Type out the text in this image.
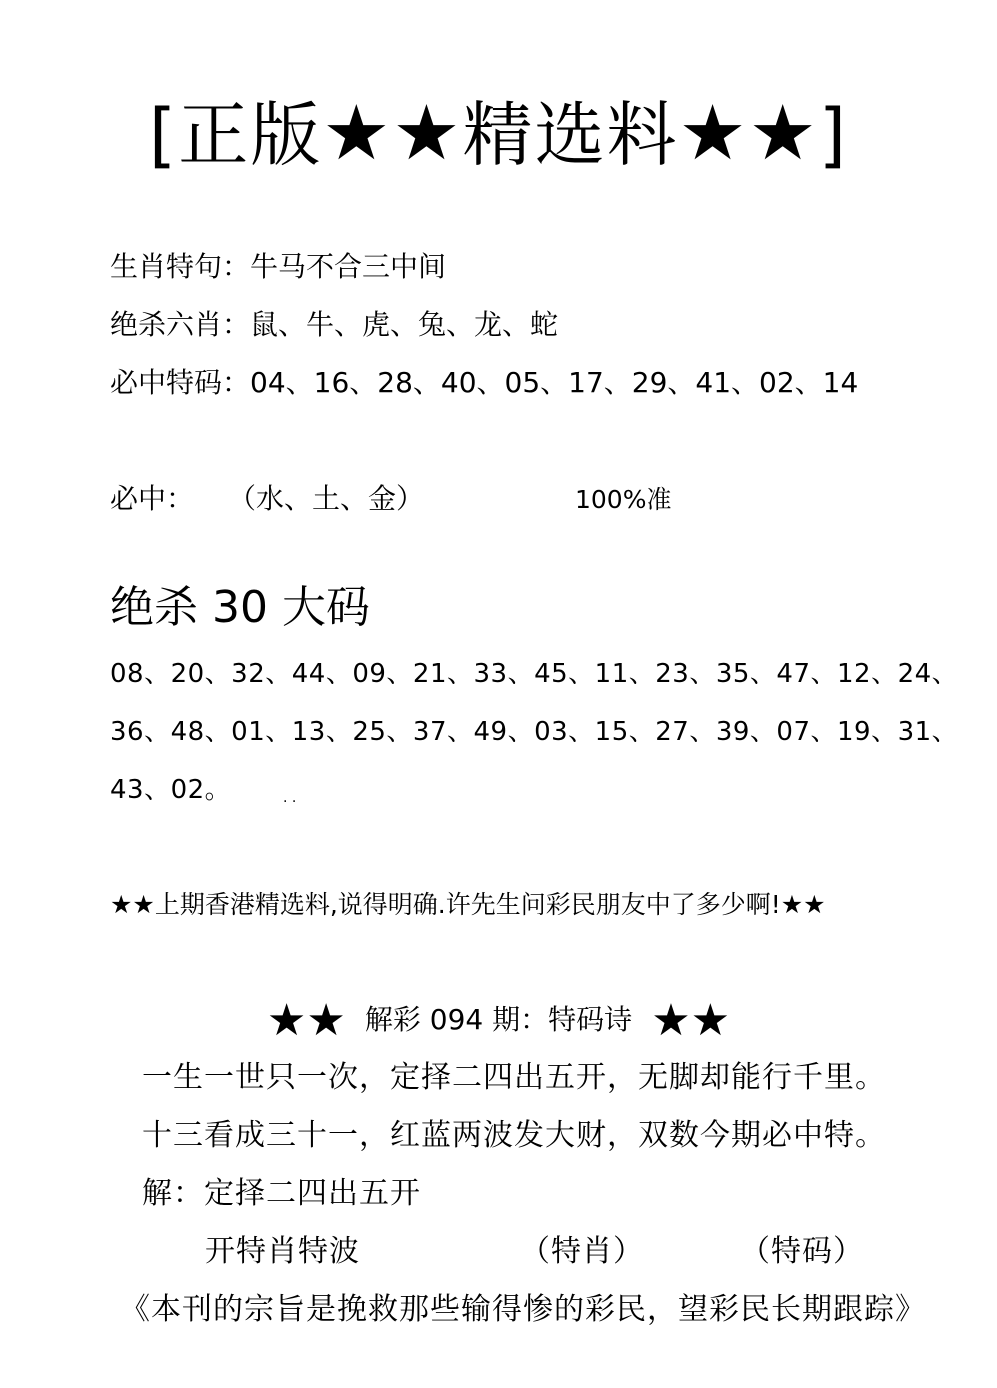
[正版★★精选料★★]
生肖特句：牛马不合三中间
绝杀六肖：鼠、牛、虎、兔、龙、蛇
必中特码：04、16、28、40、05、17、29、41、02、14
必中： （水、土、金）	100%准
绝杀 30 大码
08、20、32、44、09、21、33、45、11、23、35、47、12、24、
36、48、01、13、25、37、49、03、15、27、39、07、19、31、
43、02。	. .
★★上期香港精选料,说得明确.许先生问彩民朋友中了多少啊!★★
★★ 解彩 094 期：特码诗 ★★
一生一世只一次，定择二四出五开，无脚却能行千里。
十三看成三十一，红蓝两波发大财，双数今期必中特。
解：定择二四出五开
开特肖特波	（特肖）	（特码）
《本刊的宗旨是挽救那些输得惨的彩民，望彩民长期跟踪》
